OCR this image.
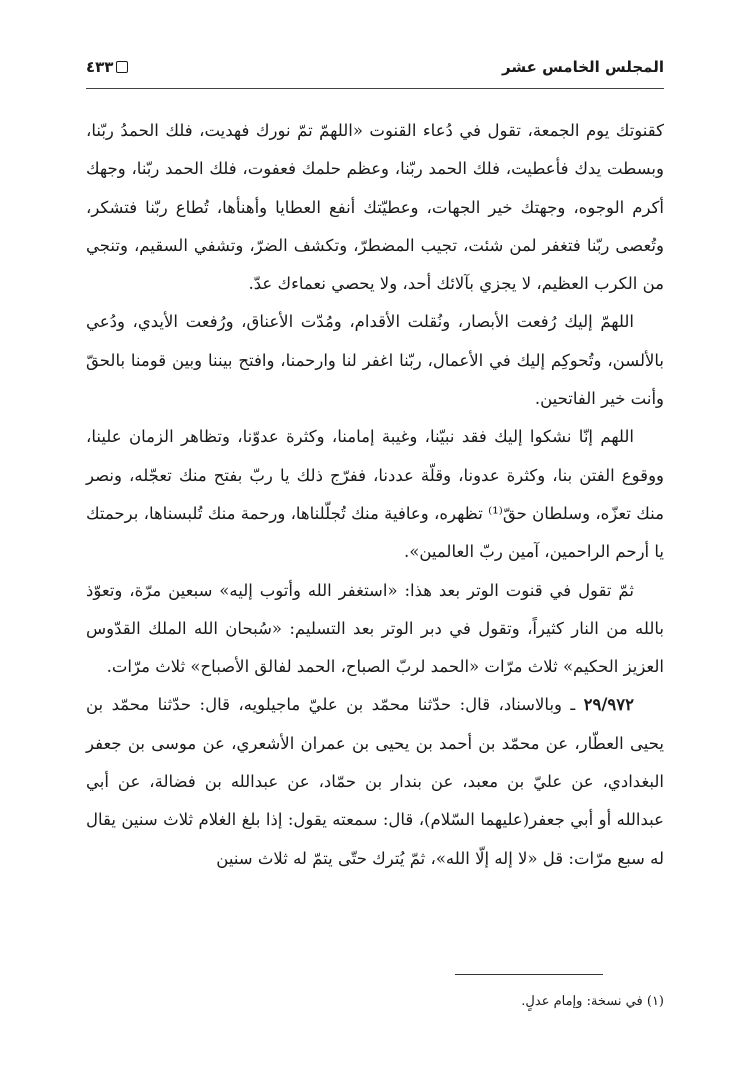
المجلس الخامس عشر
٤٣٣

كقنوتك يوم الجمعة، تقول في دُعاء القنوت «اللهمّ تمّ نورك فهديت، فلك الحمدُ ربّنا، وبسطت يدك فأعطيت، فلك الحمد ربّنا، وعظم حلمك فعفوت، فلك الحمد ربّنا، وجهك أكرم الوجوه، وجهتك خير الجهات، وعطيّتك أنفع العطايا وأهنأها، تُطاع ربّنا فتشكر، وتُعصى ربّنا فتغفر لمن شئت، تجيب المضطرّ، وتكشف الضرّ، وتشفي السقيم، وتنجي من الكرب العظيم، لا يجزي بآلائك أحد، ولا يحصي نعماءك عدّ.

اللهمّ إليك رُفعت الأبصار، ونُقلت الأقدام، ومُدّت الأعناق، ورُفعت الأيدي، ودُعي بالألسن، وتُحوكِم إليك في الأعمال، ربّنا اغفر لنا وارحمنا، وافتح بيننا وبين قومنا بالحقّ وأنت خير الفاتحين.

اللهم إنّا نشكوا إليك فقد نبيّنا، وغيبة إمامنا، وكثرة عدوّنا، وتظاهر الزمان علينا، ووقوع الفتن بنا، وكثرة عدونا، وقلّة عددنا، ففرّج ذلك يا ربّ بفتح منك تعجّله، ونصر منك تعزّه، وسلطان حقّ⁽¹⁾ تظهره، وعافية منك تُجلّلناها، ورحمة منك تُلبسناها، برحمتك يا أرحم الراحمين، آمين ربّ العالمين».

ثمّ تقول في قنوت الوتر بعد هذا: «استغفر الله وأتوب إليه» سبعين مرّة، وتعوّذ بالله من النار كثيراً، وتقول في دبر الوتر بعد التسليم: «سُبحان الله الملك القدّوس العزيز الحكيم» ثلاث مرّات «الحمد لربّ الصباح، الحمد لفالق الأصباح» ثلاث مرّات.

٢٩/٩٧٢ ـ وبالاسناد، قال: حدّثنا محمّد بن عليّ ماجيلويه، قال: حدّثنا محمّد بن يحيى العطّار، عن محمّد بن أحمد بن يحيى بن عمران الأشعري، عن موسى بن جعفر البغدادي، عن عليّ بن معبد، عن بندار بن حمّاد، عن عبدالله بن فضالة، عن أبي عبدالله أو أبي جعفر(عليهما السّلام)، قال: سمعته يقول: إذا بلغ الغلام ثلاث سنين يقال له سبع مرّات: قل «لا إله إلّا الله»، ثمّ يُترك حتّى يتمّ له ثلاث سنين

(١) في نسخة: وإمام عدلٍ.
